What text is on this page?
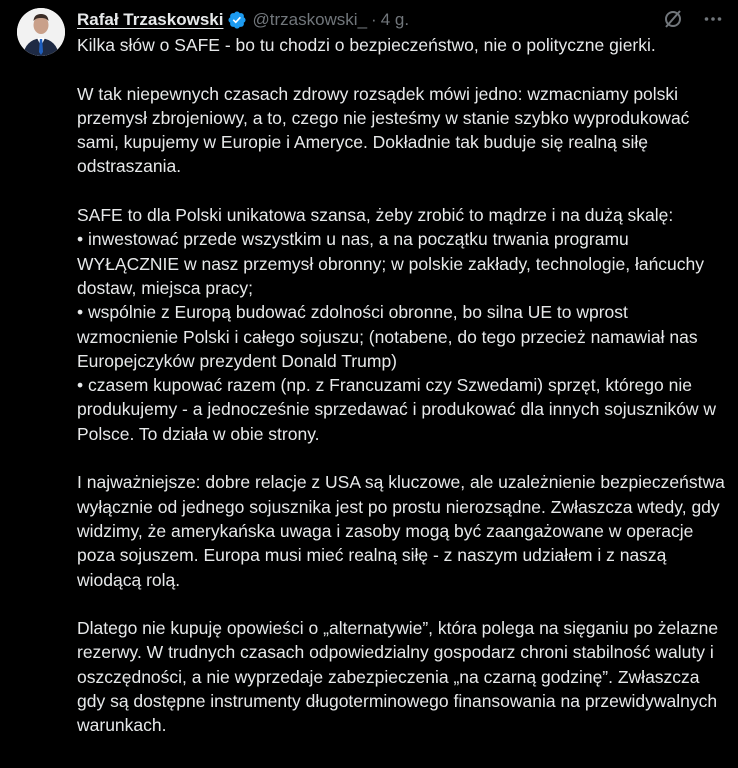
Rafał Trzaskowski @trzaskowski_ · 4 g.

Kilka słów o SAFE - bo tu chodzi o bezpieczeństwo, nie o polityczne gierki.

W tak niepewnych czasach zdrowy rozsądek mówi jedno: wzmacniamy polski przemysł zbrojeniowy, a to, czego nie jesteśmy w stanie szybko wyprodukować sami, kupujemy w Europie i Ameryce. Dokładnie tak buduje się realną siłę odstraszania.

SAFE to dla Polski unikatowa szansa, żeby zrobić to mądrze i na dużą skalę:
• inwestować przede wszystkim u nas, a na początku trwania programu WYŁĄCZNIE w nasz przemysł obronny; w polskie zakłady, technologie, łańcuchy dostaw, miejsca pracy;
• wspólnie z Europą budować zdolności obronne, bo silna UE to wprost wzmocnienie Polski i całego sojuszu; (notabene, do tego przecież namawiał nas Europejczyków prezydent Donald Trump)
• czasem kupować razem (np. z Francuzami czy Szwedami) sprzęt, którego nie produkujemy - a jednocześnie sprzedawać i produkować dla innych sojuszników w Polsce. To działa w obie strony.

I najważniejsze: dobre relacje z USA są kluczowe, ale uzależnienie bezpieczeństwa wyłącznie od jednego sojusznika jest po prostu nierozsądne. Zwłaszcza wtedy, gdy widzimy, że amerykańska uwaga i zasoby mogą być zaangażowane w operacje poza sojuszem. Europa musi mieć realną siłę - z naszym udziałem i z naszą wiodącą rolą.

Dlatego nie kupuję opowieści o „alternatywie”, która polega na sięganiu po żelazne rezerwy. W trudnych czasach odpowiedzialny gospodarz chroni stabilność waluty i oszczędności, a nie wyprzedaje zabezpieczenia „na czarną godzinę”. Zwłaszcza gdy są dostępne instrumenty długoterminowego finansowania na przewidywalnych warunkach.
